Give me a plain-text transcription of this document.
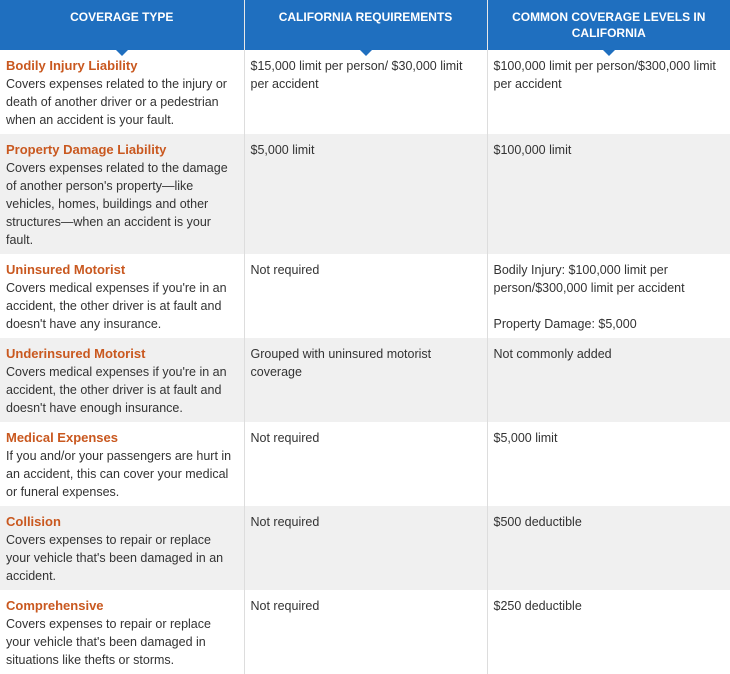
COVERAGE TYPE	CALIFORNIA REQUIREMENTS	COMMON COVERAGE LEVELS IN CALIFORNIA

Bodily Injury Liability
Covers expenses related to the injury or death of another driver or a pedestrian when an accident is your fault.	$15,000 limit per person/ $30,000 limit per accident	$100,000 limit per person/$300,000 limit per accident

Property Damage Liability
Covers expenses related to the damage of another person's property—like vehicles, homes, buildings and other structures—when an accident is your fault.	$5,000 limit	$100,000 limit

Uninsured Motorist
Covers medical expenses if you're in an accident, the other driver is at fault and doesn't have any insurance.	Not required	Bodily Injury: $100,000 limit per person/$300,000 limit per accident
Property Damage: $5,000

Underinsured Motorist
Covers medical expenses if you're in an accident, the other driver is at fault and doesn't have enough insurance.	Grouped with uninsured motorist coverage	Not commonly added

Medical Expenses
If you and/or your passengers are hurt in an accident, this can cover your medical or funeral expenses.	Not required	$5,000 limit

Collision
Covers expenses to repair or replace your vehicle that's been damaged in an accident.	Not required	$500 deductible

Comprehensive
Covers expenses to repair or replace your vehicle that's been damaged in situations like thefts or storms.	Not required	$250 deductible
